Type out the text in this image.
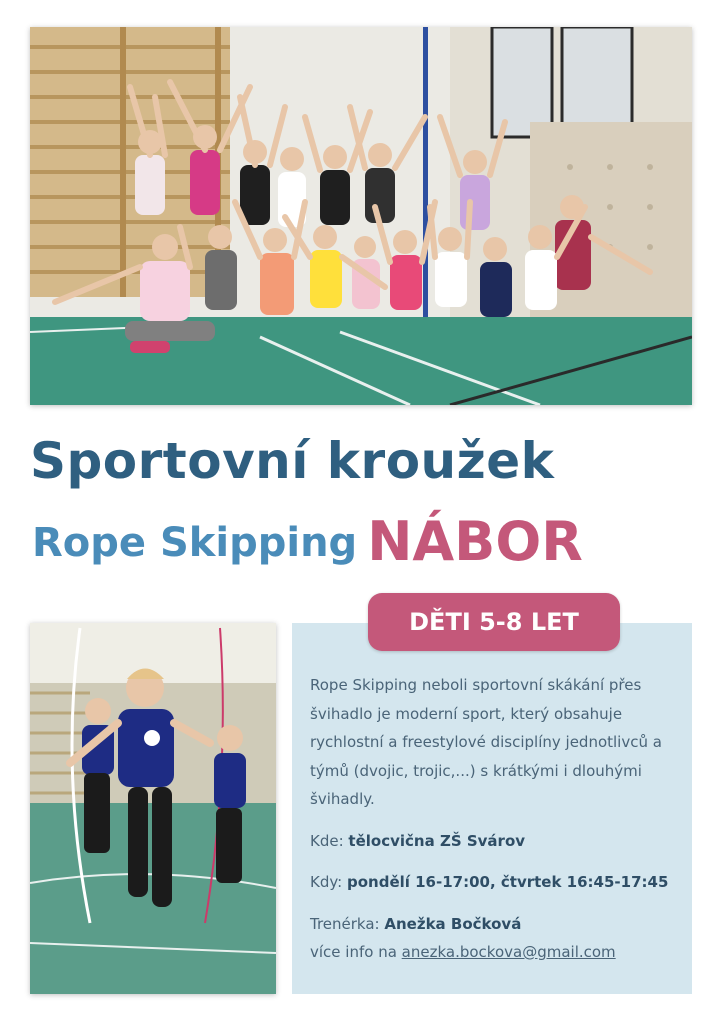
Sportovní kroužek
Rope Skipping NÁBOR
DĚTI 5-8 LET

Rope Skipping neboli sportovní skákání přes švihadlo je moderní sport, který obsahuje rychlostní a freestylové disciplíny jednotlivců a týmů (dvojic, trojic,...) s krátkými i dlouhými švihadly.

Kde: tělocvična ZŠ Svárov

Kdy: pondělí 16-17:00, čtvrtek 16:45-17:45

Trenérka: Anežka Bočková
více info na anezka.bockova@gmail.com
